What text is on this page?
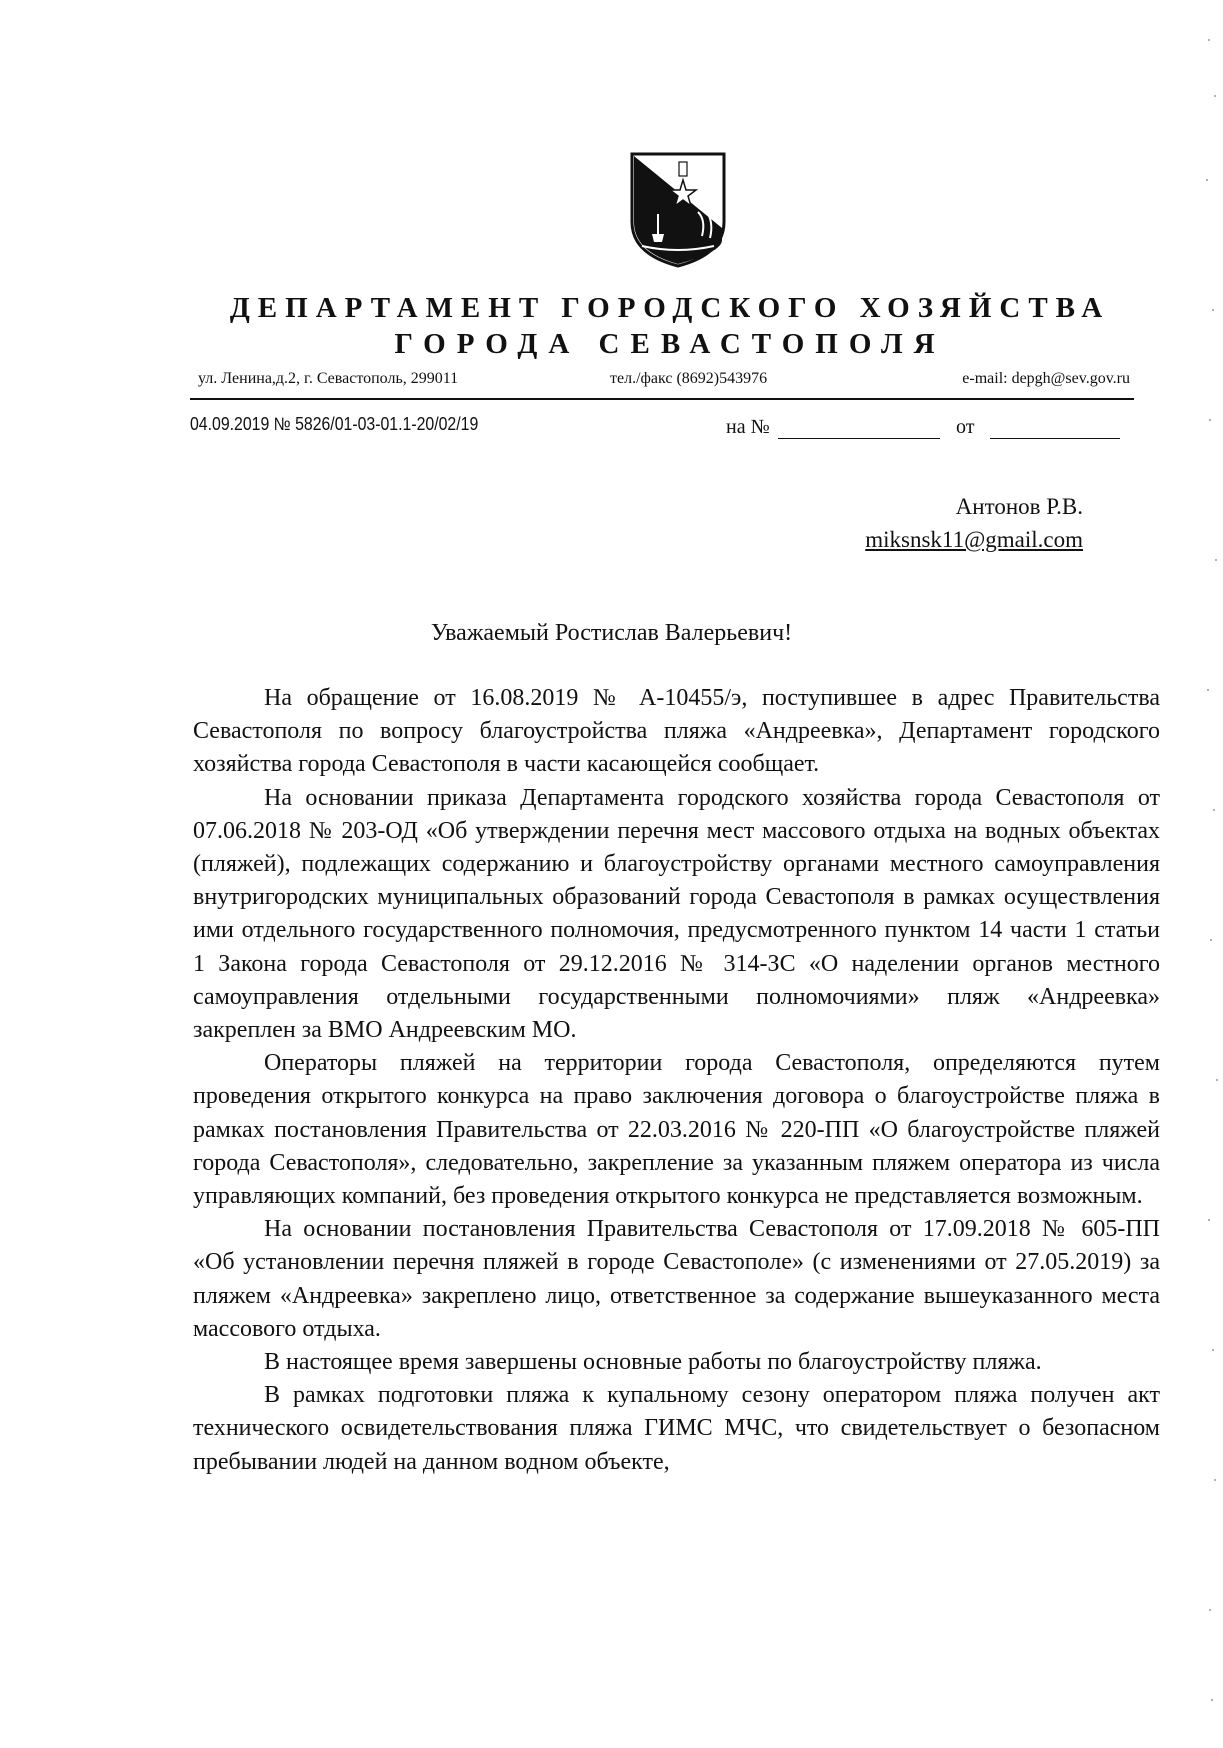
ДЕПАРТАМЕНТ ГОРОДСКОГО ХОЗЯЙСТВА
ГОРОДА СЕВАСТОПОЛЯ
ул. Ленина,д.2, г. Севастополь, 299011	тел./факс (8692)543976	e-mail: depgh@sev.gov.ru
04.09.2019 № 5826/01-03-01.1-20/02/19	на №	от
Антонов Р.В.
miksnsk11@gmail.com
Уважаемый Ростислав Валерьевич!

На обращение от 16.08.2019 № А-10455/э, поступившее в адрес Правительства Севастополя по вопросу благоустройства пляжа «Андреевка», Департамент городского хозяйства города Севастополя в части касающейся сообщает.

На основании приказа Департамента городского хозяйства города Севастополя от 07.06.2018 № 203-ОД «Об утверждении перечня мест массового отдыха на водных объектах (пляжей), подлежащих содержанию и благоустройству органами местного самоуправления внутригородских муниципальных образований города Севастополя в рамках осуществления ими отдельного государственного полномочия, предусмотренного пунктом 14 части 1 статьи 1 Закона города Севастополя от 29.12.2016 № 314-ЗС «О наделении органов местного самоуправления отдельными государственными полномочиями» пляж «Андреевка» закреплен за ВМО Андреевским МО.

Операторы пляжей на территории города Севастополя, определяются путем проведения открытого конкурса на право заключения договора о благоустройстве пляжа в рамках постановления Правительства от 22.03.2016 № 220-ПП «О благоустройстве пляжей города Севастополя», следовательно, закрепление за указанным пляжем оператора из числа управляющих компаний, без проведения открытого конкурса не представляется возможным.

На основании постановления Правительства Севастополя от 17.09.2018 № 605-ПП «Об установлении перечня пляжей в городе Севастополе» (с изменениями от 27.05.2019) за пляжем «Андреевка» закреплено лицо, ответственное за содержание вышеуказанного места массового отдыха.

В настоящее время завершены основные работы по благоустройству пляжа.

В рамках подготовки пляжа к купальному сезону оператором пляжа получен акт технического освидетельствования пляжа ГИМС МЧС, что свидетельствует о безопасном пребывании людей на данном водном объекте,
